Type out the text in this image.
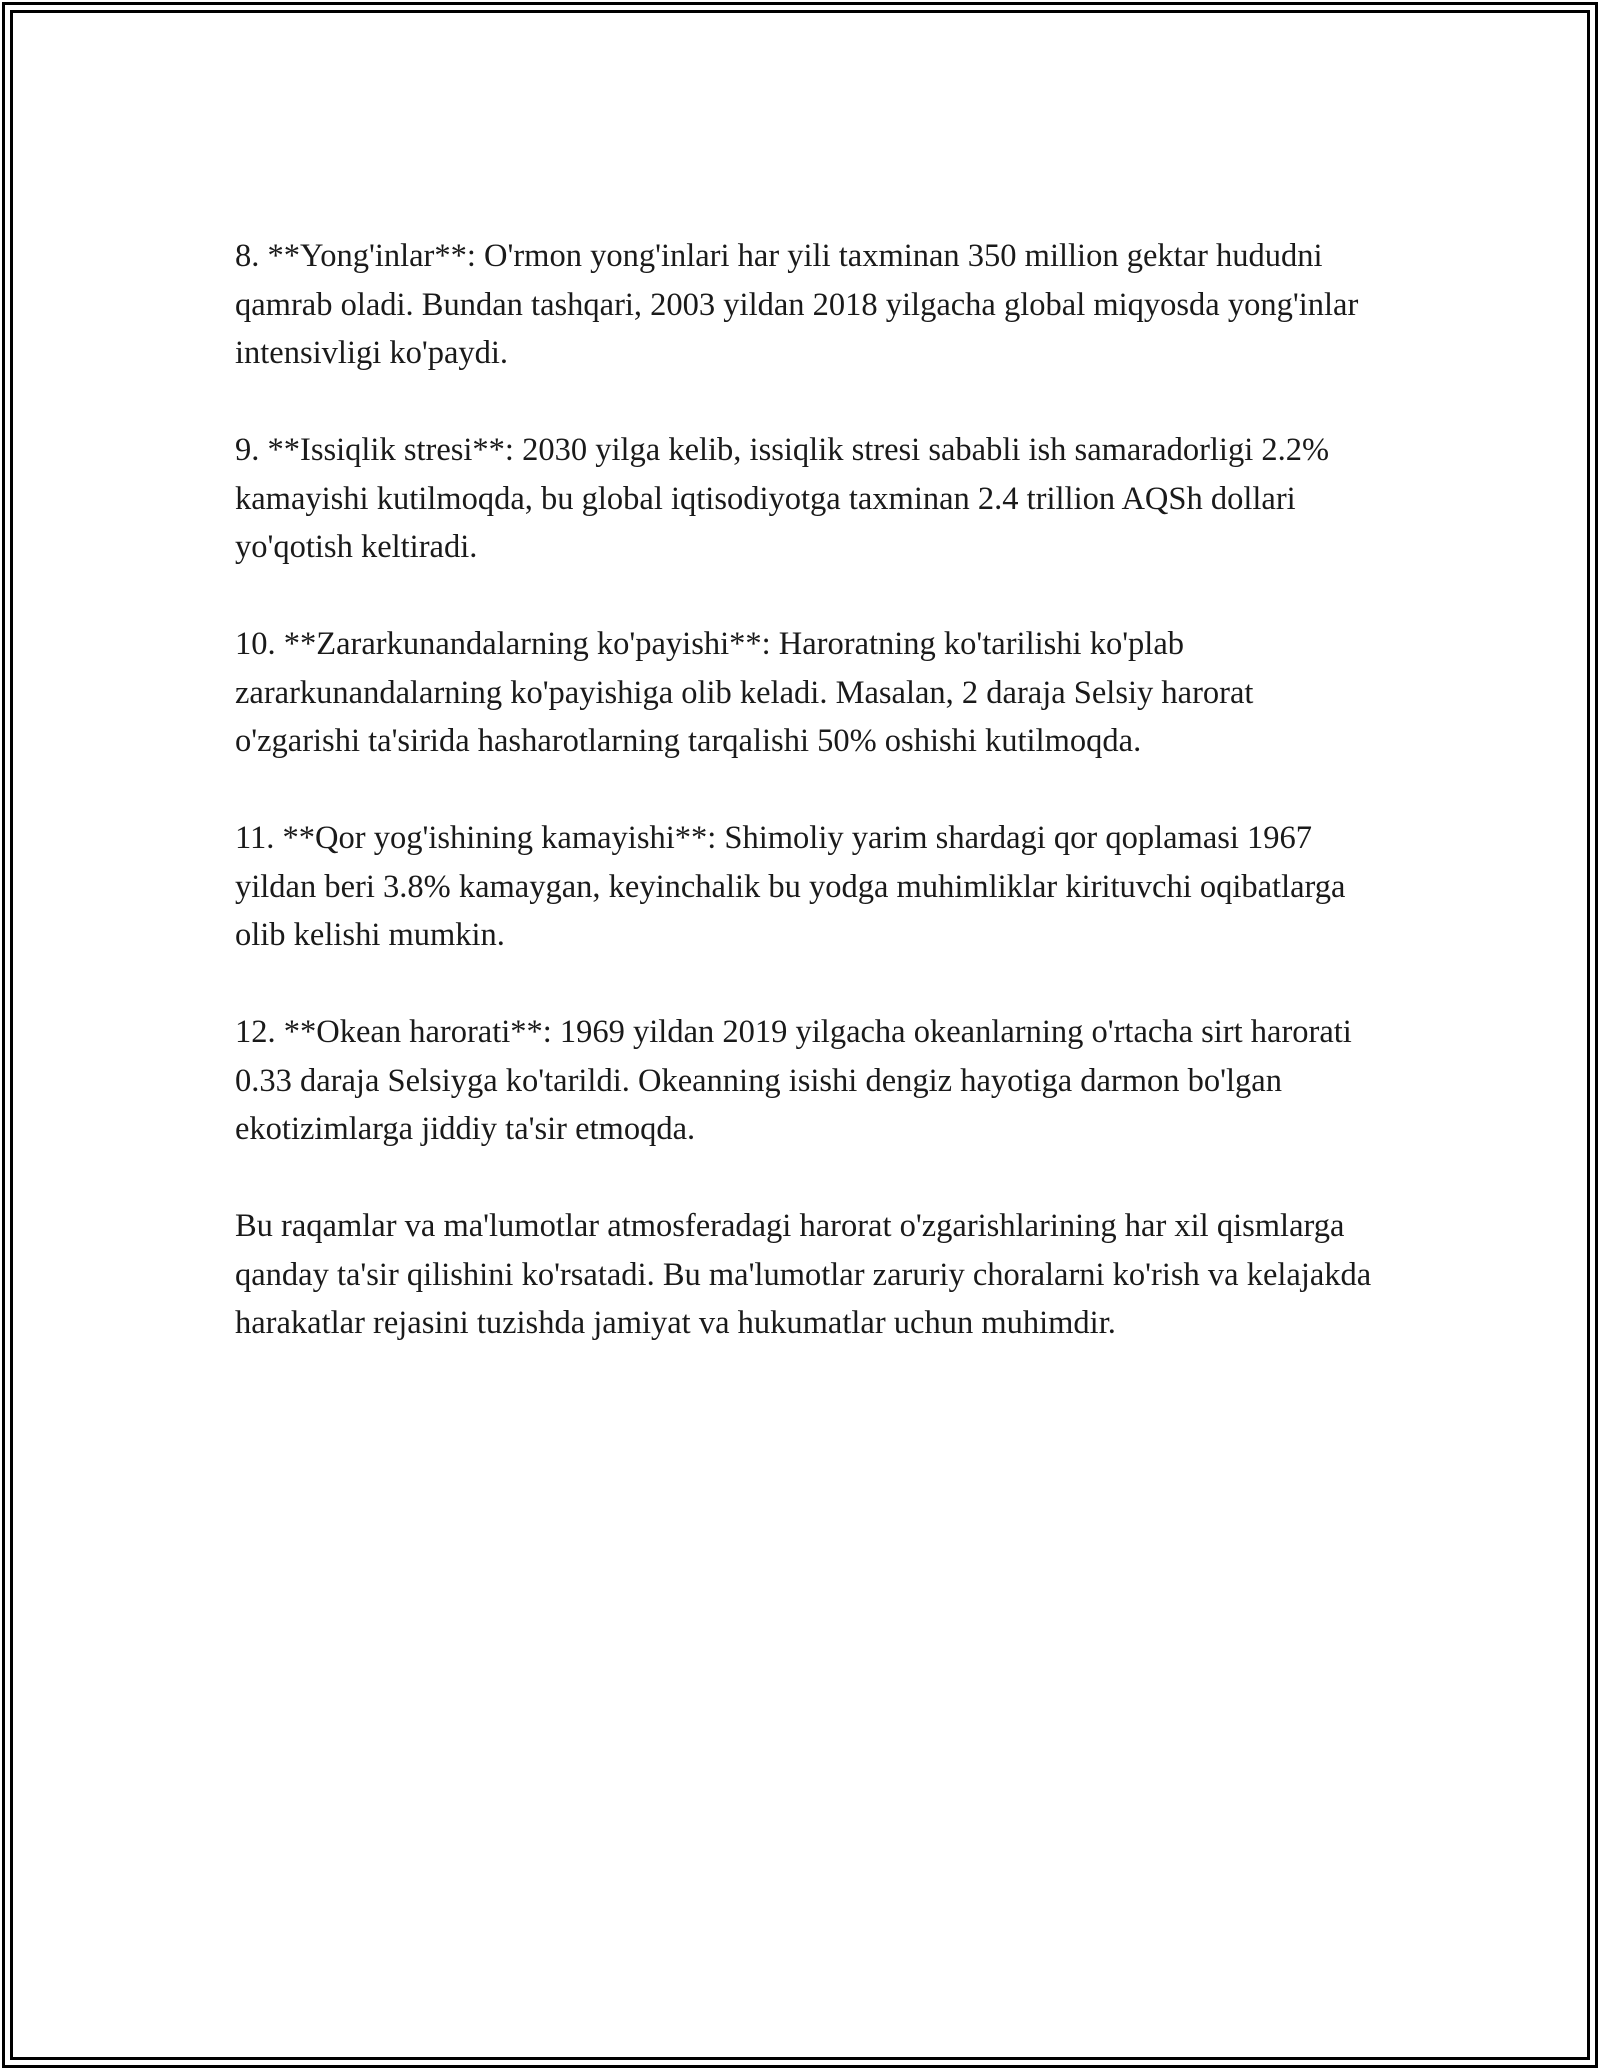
8. **Yong'inlar**: O'rmon yong'inlari har yili taxminan 350 million gektar hududni qamrab oladi. Bundan tashqari, 2003 yildan 2018 yilgacha global miqyosda yong'inlar intensivligi ko'paydi.

9. **Issiqlik stresi**: 2030 yilga kelib, issiqlik stresi sababli ish samaradorligi 2.2% kamayishi kutilmoqda, bu global iqtisodiyotga taxminan 2.4 trillion AQSh dollari yo'qotish keltiradi.

10. **Zararkunandalarning ko'payishi**: Haroratning ko'tarilishi ko'plab zararkunandalarning ko'payishiga olib keladi. Masalan, 2 daraja Selsiy harorat o'zgarishi ta'sirida hasharotlarning tarqalishi 50% oshishi kutilmoqda.

11. **Qor yog'ishining kamayishi**: Shimoliy yarim shardagi qor qoplamasi 1967 yildan beri 3.8% kamaygan, keyinchalik bu yodga muhimliklar kirituvchi oqibatlarga olib kelishi mumkin.

12. **Okean harorati**: 1969 yildan 2019 yilgacha okeanlarning o'rtacha sirt harorati 0.33 daraja Selsiyga ko'tarildi. Okeanning isishi dengiz hayotiga darmon bo'lgan ekotizimlarga jiddiy ta'sir etmoqda.

Bu raqamlar va ma'lumotlar atmosferadagi harorat o'zgarishlarining har xil qismlarga qanday ta'sir qilishini ko'rsatadi. Bu ma'lumotlar zaruriy choralarni ko'rish va kelajakda harakatlar rejasini tuzishda jamiyat va hukumatlar uchun muhimdir.
